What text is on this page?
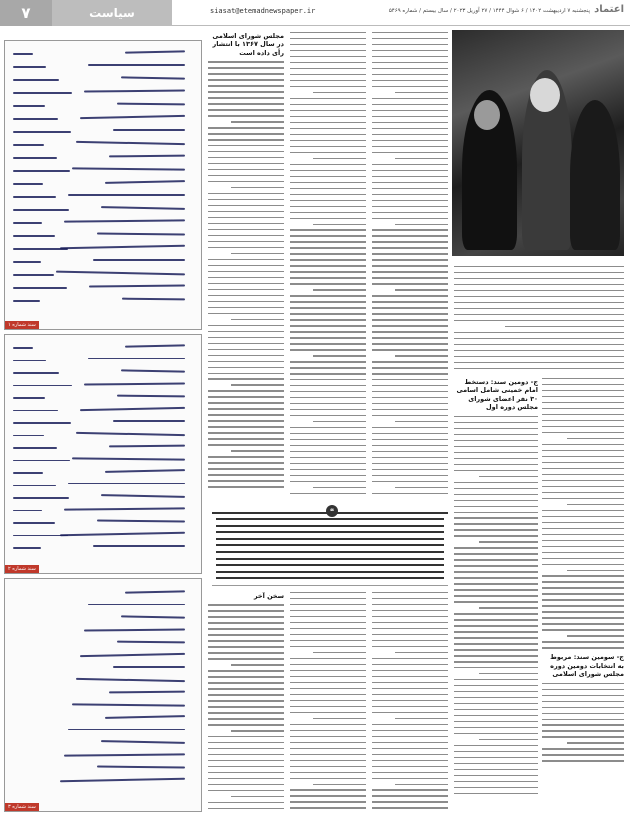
۷	سیاست	siasat@etemadnewspaper.ir	پنجشنبه ۷ اردیبهشت ۱۴۰۲ / ۶ شوال ۱۴۴۴ / ۲۷ آوریل ۲۰۲۳ / سال بیستم / شماره ۵۴۶۹ اعتماد
سند شماره ۱
سند شماره ۲
سند شماره ۳
مجلس شورای اسلامی در سال ۱۳۶۷ با انتشار رأی داده است
❝
سخن آخر
ج- دومین سند: دستخط امام خمینی شامل اسامی ۳۰ نفر اعضای شورای مجلس دوره اول
ج- سومین سند: مربوط به انتخابات دومین دوره مجلس شورای اسلامی
